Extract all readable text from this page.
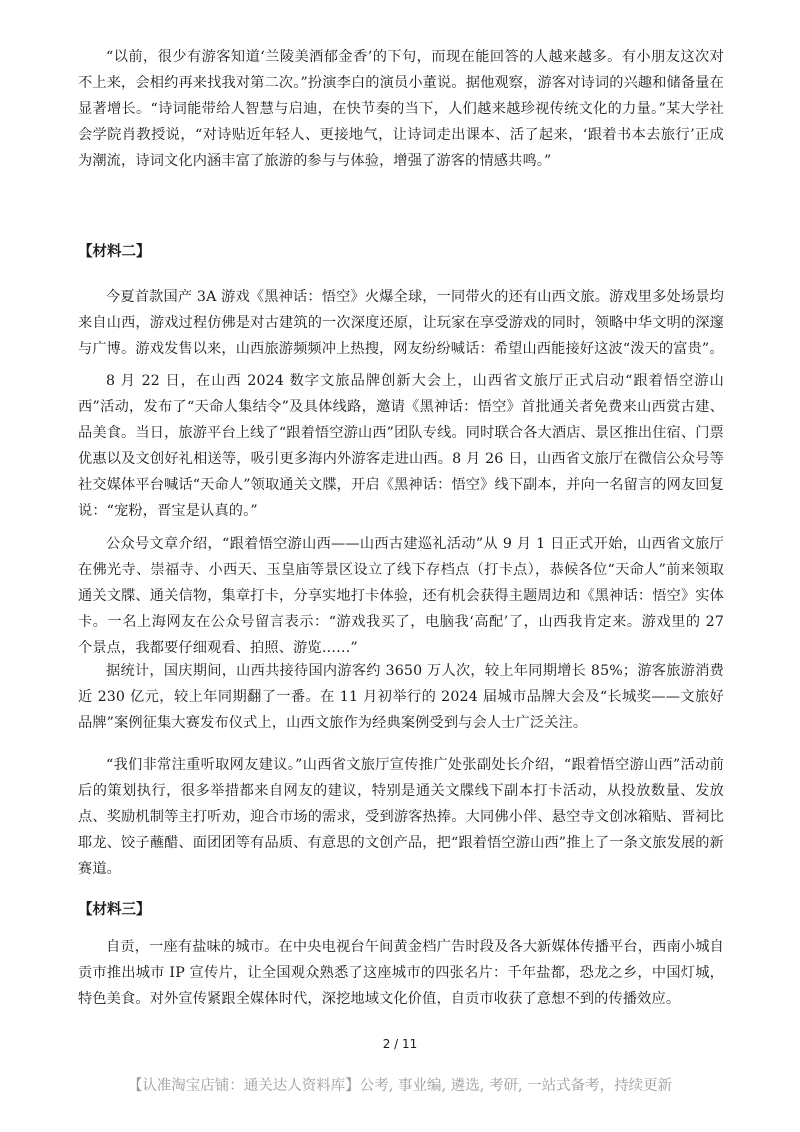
“以前，很少有游客知道‘兰陵美酒郁金香’的下句，而现在能回答的人越来越多。有小朋友这次对不上来，会相约再来找我对第二次。”扮演李白的演员小董说。据他观察，游客对诗词的兴趣和储备量在显著增长。“诗词能带给人智慧与启迪，在快节奏的当下，人们越来越珍视传统文化的力量。”某大学社会学院肖教授说，“对诗贴近年轻人、更接地气，让诗词走出课本、活了起来，‘跟着书本去旅行’正成为潮流，诗词文化内涵丰富了旅游的参与与体验，增强了游客的情感共鸣。”

【材料二】

今夏首款国产 3A 游戏《黑神话：悟空》火爆全球，一同带火的还有山西文旅。游戏里多处场景均来自山西，游戏过程仿佛是对古建筑的一次深度还原，让玩家在享受游戏的同时，领略中华文明的深邃与广博。游戏发售以来，山西旅游频频冲上热搜，网友纷纷喊话：希望山西能接好这波“泼天的富贵”。

8 月 22 日，在山西 2024 数字文旅品牌创新大会上，山西省文旅厅正式启动“跟着悟空游山西”活动，发布了“天命人集结令”及具体线路，邀请《黑神话：悟空》首批通关者免费来山西赏古建、品美食。当日，旅游平台上线了“跟着悟空游山西”团队专线。同时联合各大酒店、景区推出住宿、门票优惠以及文创好礼相送等，吸引更多海内外游客走进山西。8 月 26 日，山西省文旅厅在微信公众号等社交媒体平台喊话“天命人”领取通关文牒，开启《黑神话：悟空》线下副本，并向一名留言的网友回复说：“宠粉，晋宝是认真的。”

公众号文章介绍，“跟着悟空游山西——山西古建巡礼活动”从 9 月 1 日正式开始，山西省文旅厅在佛光寺、崇福寺、小西天、玉皇庙等景区设立了线下存档点（打卡点），恭候各位“天命人”前来领取通关文牒、通关信物，集章打卡，分享实地打卡体验，还有机会获得主题周边和《黑神话：悟空》实体卡。一名上海网友在公众号留言表示：“游戏我买了，电脑我‘高配’了，山西我肯定来。游戏里的 27 个景点，我都要仔细观看、拍照、游览……”

据统计，国庆期间，山西共接待国内游客约 3650 万人次，较上年同期增长 85%；游客旅游消费近 230 亿元，较上年同期翻了一番。在 11 月初举行的 2024 届城市品牌大会及“长城奖——文旅好品牌”案例征集大赛发布仪式上，山西文旅作为经典案例受到与会人士广泛关注。

“我们非常注重听取网友建议。”山西省文旅厅宣传推广处张副处长介绍，“跟着悟空游山西”活动前后的策划执行，很多举措都来自网友的建议，特别是通关文牒线下副本打卡活动，从投放数量、发放点、奖励机制等主打听劝，迎合市场的需求，受到游客热捧。大同佛小伴、悬空寺文创冰箱贴、晋祠比耶龙、饺子蘸醋、面团团等有品质、有意思的文创产品，把“跟着悟空游山西”推上了一条文旅发展的新赛道。

【材料三】

自贡，一座有盐味的城市。在中央电视台午间黄金档广告时段及各大新媒体传播平台，西南小城自贡市推出城市 IP 宣传片，让全国观众熟悉了这座城市的四张名片：千年盐都，恐龙之乡，中国灯城，特色美食。对外宣传紧跟全媒体时代，深挖地域文化价值，自贡市收获了意想不到的传播效应。

2 / 11
【认准淘宝店铺：通关达人资料库】公考, 事业编, 遴选, 考研, 一站式备考，持续更新
